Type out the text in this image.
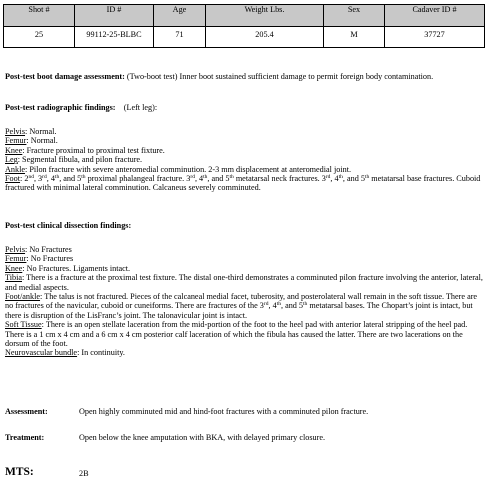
Shot #	ID #	Age	Weight Lbs.	Sex	Cadaver ID #
25	99112-25-BLBC	71	205.4	M	37727
Post-test boot damage assessment: (Two-boot test) Inner boot sustained sufficient damage to permit foreign body contamination.
Post-test radiographic findings: (Left leg):
Pelvis: Normal.
Femur: Normal.
Knee: Fracture proximal to proximal test fixture.
Leg: Segmental fibula, and pilon fracture.
Ankle: Pilon fracture with severe anteromedial comminution. 2-3 mm displacement at anteromedial joint.
Foot: 2nd, 3rd, 4th, and 5th proximal phalangeal fracture. 3rd, 4th, and 5th metatarsal neck fractures. 3rd, 4th, and 5th metatarsal base fractures. Cuboid fractured with minimal lateral comminution. Calcaneus severely comminuted.
Post-test clinical dissection findings:
Pelvis: No Fractures
Femur: No Fractures
Knee: No Fractures. Ligaments intact.
Tibia: There is a fracture at the proximal test fixture. The distal one-third demonstrates a comminuted pilon fracture involving the anterior, lateral, and medial aspects.
Foot/ankle: The talus is not fractured. Pieces of the calcaneal medial facet, tuberosity, and posterolateral wall remain in the soft tissue. There are no fractures of the navicular, cuboid or cuneiforms. There are fractures of the 3rd, 4th, and 5th metatarsal bases. The Chopart’s joint is intact, but there is disruption of the LisFranc’s joint. The talonavicular joint is intact.
Soft Tissue: There is an open stellate laceration from the mid-portion of the foot to the heel pad with anterior lateral stripping of the heel pad. There is a 1 cm x 4 cm and a 6 cm x 4 cm posterior calf laceration of which the fibula has caused the latter. There are two lacerations on the dorsum of the foot.
Neurovascular bundle: In continuity.
Assessment:	Open highly comminuted mid and hind-foot fractures with a comminuted pilon fracture.
Treatment:	Open below the knee amputation with BKA, with delayed primary closure.
MTS:	2B
